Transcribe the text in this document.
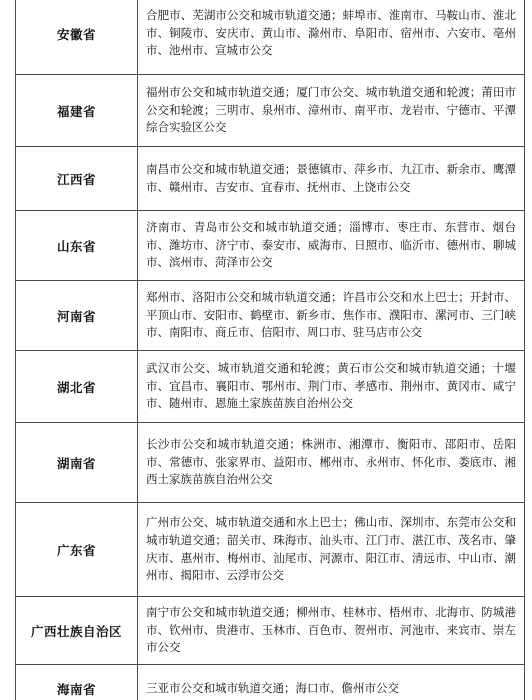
安徽省	合肥市、芜湖市公交和城市轨道交通；蚌埠市、淮南市、马鞍山市、淮北市、铜陵市、安庆市、黄山市、滁州市、阜阳市、宿州市、六安市、亳州市、池州市、宣城市公交
福建省	福州市公交和城市轨道交通；厦门市公交、城市轨道交通和轮渡；莆田市公交和轮渡；三明市、泉州市、漳州市、南平市、龙岩市、宁德市、平潭综合实验区公交
江西省	南昌市公交和城市轨道交通；景德镇市、萍乡市、九江市、新余市、鹰潭市、赣州市、吉安市、宜春市、抚州市、上饶市公交
山东省	济南市、青岛市公交和城市轨道交通；淄博市、枣庄市、东营市、烟台市、潍坊市、济宁市、泰安市、威海市、日照市、临沂市、德州市、聊城市、滨州市、菏泽市公交
河南省	郑州市、洛阳市公交和城市轨道交通；许昌市公交和水上巴士；开封市、平顶山市、安阳市、鹤壁市、新乡市、焦作市、濮阳市、漯河市、三门峡市、南阳市、商丘市、信阳市、周口市、驻马店市公交
湖北省	武汉市公交、城市轨道交通和轮渡；黄石市公交和城市轨道交通；十堰市、宜昌市、襄阳市、鄂州市、荆门市、孝感市、荆州市、黄冈市、咸宁市、随州市、恩施土家族苗族自治州公交
湖南省	长沙市公交和城市轨道交通；株洲市、湘潭市、衡阳市、邵阳市、岳阳市、常德市、张家界市、益阳市、郴州市、永州市、怀化市、娄底市、湘西土家族苗族自治州公交
广东省	广州市公交、城市轨道交通和水上巴士；佛山市、深圳市、东莞市公交和城市轨道交通；韶关市、珠海市、汕头市、江门市、湛江市、茂名市、肇庆市、惠州市、梅州市、汕尾市、河源市、阳江市、清远市、中山市、潮州市、揭阳市、云浮市公交
广西壮族自治区	南宁市公交和城市轨道交通；柳州市、桂林市、梧州市、北海市、防城港市、钦州市、贵港市、玉林市、百色市、贺州市、河池市、来宾市、崇左市公交
海南省	三亚市公交和城市轨道交通；海口市、儋州市公交
